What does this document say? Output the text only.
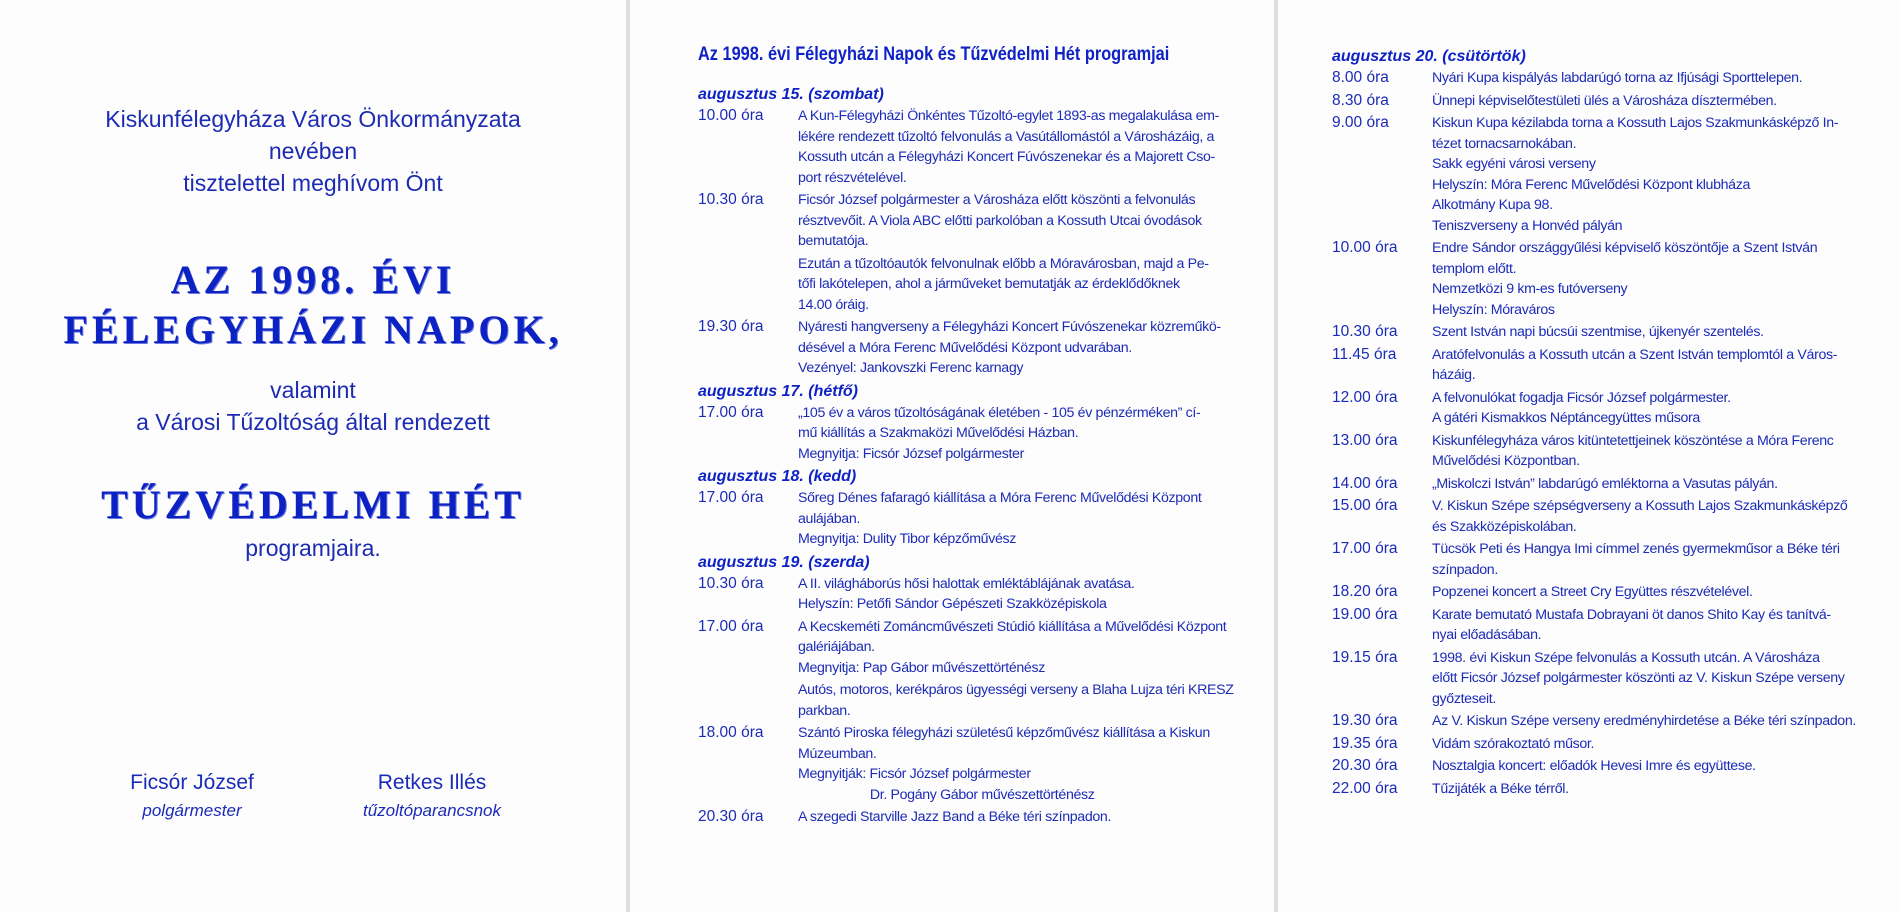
Kiskunfélegyháza Város Önkormányzata
nevében
tisztelettel meghívom Önt
AZ 1998. ÉVI
FÉLEGYHÁZI NAPOK,
valamint
a Városi Tűzoltóság által rendezett
TŰZVÉDELMI HÉT
programjaira.
Ficsór József
polgármester
Retkes Illés
tűzoltóparancsnok
Az 1998. évi Félegyházi Napok és Tűzvédelmi Hét programjai
augusztus 15. (szombat)
10.00 óra	A Kun-Félegyházi Önkéntes Tűzoltó-egylet 1893-as megalakulása em-
lékére rendezett tűzoltó felvonulás a Vasútállomástól a Városházáig, a
Kossuth utcán a Félegyházi Koncert Fúvószenekar és a Majorett Cso-
port részvételével.
10.30 óra	Ficsór József polgármester a Városháza előtt köszönti a felvonulás
résztvevőit. A Viola ABC előtti parkolóban a Kossuth Utcai óvodások
bemutatója.
Ezután a tűzoltóautók felvonulnak előbb a Móravárosban, majd a Pe-
tőfi lakótelepen, ahol a járműveket bemutatják az érdeklődőknek
14.00 óráig.
19.30 óra	Nyáresti hangverseny a Félegyházi Koncert Fúvószenekar közreműkö-
désével a Móra Ferenc Művelődési Központ udvarában.
Vezényel: Jankovszki Ferenc karnagy
augusztus 17. (hétfő)
17.00 óra	„105 év a város tűzoltóságának életében - 105 év pénzérméken” cí-
mű kiállítás a Szakmaközi Művelődési Házban.
Megnyitja: Ficsór József polgármester
augusztus 18. (kedd)
17.00 óra	Sőreg Dénes fafaragó kiállítása a Móra Ferenc Művelődési Központ
aulájában.
Megnyitja: Dulity Tibor képzőművész
augusztus 19. (szerda)
10.30 óra	A II. világháborús hősi halottak emléktáblájának avatása.
Helyszín: Petőfi Sándor Gépészeti Szakközépiskola
17.00 óra	A Kecskeméti Zománcművészeti Stúdió kiállítása a Művelődési Központ
galériájában.
Megnyitja: Pap Gábor művészettörténész
Autós, motoros, kerékpáros ügyességi verseny a Blaha Lujza téri KRESZ
parkban.
18.00 óra	Szántó Piroska félegyházi születésű képzőművész kiállítása a Kiskun
Múzeumban.
Megnyitják: Ficsór József polgármester
Dr. Pogány Gábor művészettörténész
20.30 óra	A szegedi Starville Jazz Band a Béke téri színpadon.
augusztus 20. (csütörtök)
8.00 óra	Nyári Kupa kispályás labdarúgó torna az Ifjúsági Sporttelepen.
8.30 óra	Ünnepi képviselőtestületi ülés a Városháza dísztermében.
9.00 óra	Kiskun Kupa kézilabda torna a Kossuth Lajos Szakmunkásképző In-
tézet tornacsarnokában.
Sakk egyéni városi verseny
Helyszín: Móra Ferenc Művelődési Központ klubháza
Alkotmány Kupa 98.
Teniszverseny a Honvéd pályán
10.00 óra	Endre Sándor országgyűlési képviselő köszöntője a Szent István
templom előtt.
Nemzetközi 9 km-es futóverseny
Helyszín: Móraváros
10.30 óra	Szent István napi búcsúi szentmise, újkenyér szentelés.
11.45 óra	Aratófelvonulás a Kossuth utcán a Szent István templomtól a Város-
házáig.
12.00 óra	A felvonulókat fogadja Ficsór József polgármester.
A gátéri Kismakkos Néptáncegyüttes műsora
13.00 óra	Kiskunfélegyháza város kitüntetettjeinek köszöntése a Móra Ferenc
Művelődési Központban.
14.00 óra	„Miskolczi István” labdarúgó emléktorna a Vasutas pályán.
15.00 óra	V. Kiskun Szépe szépségverseny a Kossuth Lajos Szakmunkásképző
és Szakközépiskolában.
17.00 óra	Tücsök Peti és Hangya Imi címmel zenés gyermekműsor a Béke téri
színpadon.
18.20 óra	Popzenei koncert a Street Cry Együttes részvételével.
19.00 óra	Karate bemutató Mustafa Dobrayani öt danos Shito Kay és tanítvá-
nyai előadásában.
19.15 óra	1998. évi Kiskun Szépe felvonulás a Kossuth utcán. A Városháza
előtt Ficsór József polgármester köszönti az V. Kiskun Szépe verseny
győzteseit.
19.30 óra	Az V. Kiskun Szépe verseny eredményhirdetése a Béke téri színpadon.
19.35 óra	Vidám szórakoztató műsor.
20.30 óra	Nosztalgia koncert: előadók Hevesi Imre és együttese.
22.00 óra	Tűzijáték a Béke térről.
